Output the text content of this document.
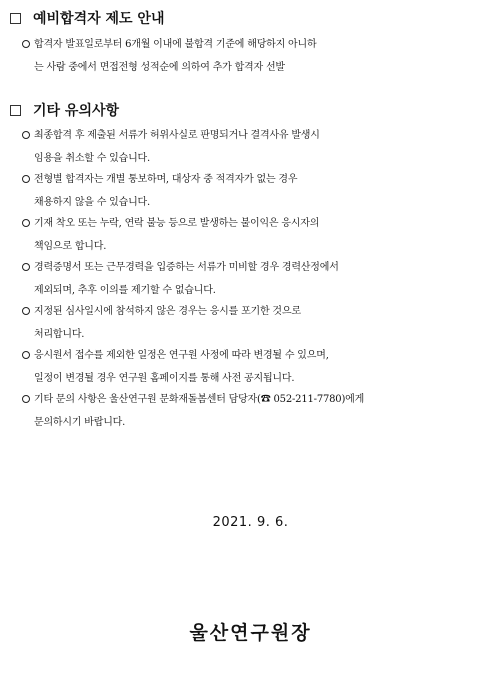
예비합격자 제도 안내
합격자 발표일로부터 6개월 이내에 불합격 기준에 해당하지 아니하
는 사람 중에서 면접전형 성적순에 의하여 추가 합격자 선발
기타 유의사항
최종합격 후 제출된 서류가 허위사실로 판명되거나 결격사유 발생시
임용을 취소할 수 있습니다.
전형별 합격자는 개별 통보하며, 대상자 중 적격자가 없는 경우
채용하지 않을 수 있습니다.
기재 착오 또는 누락, 연락 불능 등으로 발생하는 불이익은 응시자의
책임으로 합니다.
경력증명서 또는 근무경력을 입증하는 서류가 미비할 경우 경력산정에서
제외되며, 추후 이의를 제기할 수 없습니다.
지정된 심사일시에 참석하지 않은 경우는 응시를 포기한 것으로
처리합니다.
응시원서 접수를 제외한 일정은 연구원 사정에 따라 변경될 수 있으며,
일정이 변경될 경우 연구원 홈페이지를 통해 사전 공지됩니다.
기타 문의 사항은 울산연구원 문화재돌봄센터 담당자(☎ 052-211-7780)에게
문의하시기 바랍니다.
2021. 9. 6.
울산연구원장
